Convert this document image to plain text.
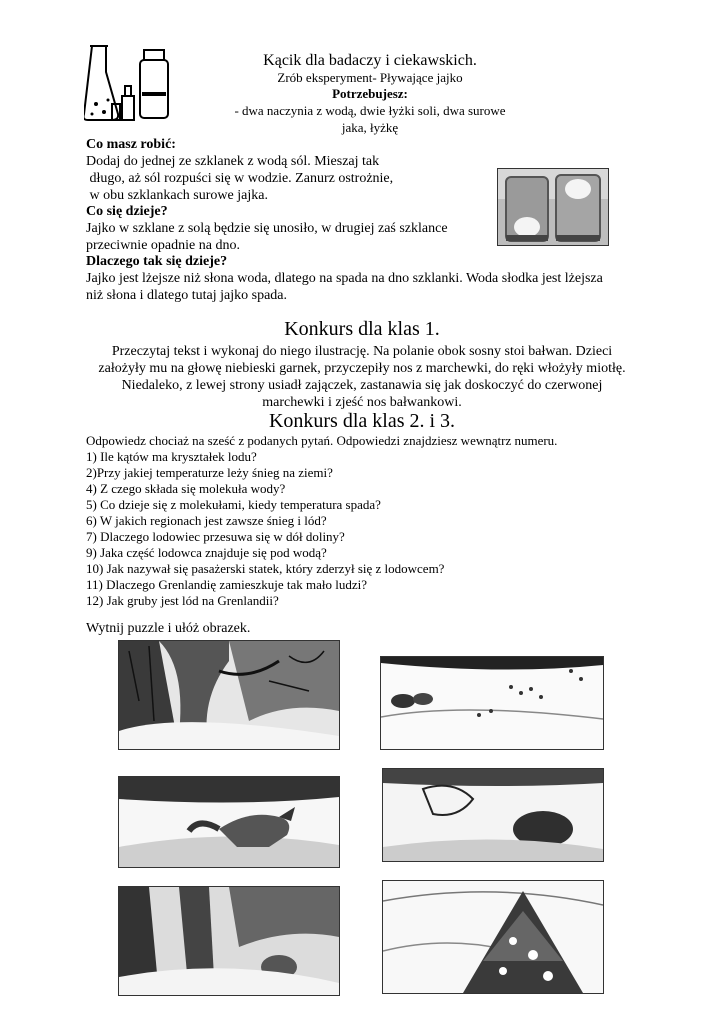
Kącik dla badaczy i ciekawskich.
Zrób eksperyment- Pływające jajko
Potrzebujesz:
- dwa naczynia z wodą, dwie łyżki soli, dwa surowe
jaka, łyżkę
Co masz robić:
Dodaj do jednej ze szklanek z wodą sól. Mieszaj tak
długo, aż sól rozpuści się w wodzie. Zanurz ostrożnie,
w obu szklankach surowe jajka.
Co się dzieje?
Jajko w szklane z solą będzie się unosiło, w drugiej zaś szklance
przeciwnie opadnie na dno.
Dlaczego tak się dzieje?
Jajko jest lżejsze niż słona woda, dlatego na spada na dno szklanki. Woda słodka jest lżejsza
niż słona i dlatego tutaj jajko spada.
Konkurs dla klas 1.
Przeczytaj tekst i wykonaj do niego ilustrację. Na polanie obok sosny stoi bałwan. Dzieci
założyły mu na głowę niebieski garnek, przyczepiły nos z marchewki, do ręki włożyły miotłę.
Niedaleko, z lewej strony usiadł zajączek, zastanawia się jak doskoczyć do czerwonej
marchewki i zjeść nos bałwankowi.
Konkurs dla klas 2. i 3.
Odpowiedz chociaż na sześć z podanych pytań. Odpowiedzi znajdziesz wewnątrz numeru.
1) Ile kątów ma kryształek lodu?
2)Przy jakiej temperaturze leży śnieg na ziemi?
4) Z czego składa się molekuła wody?
5) Co dzieje się z molekułami, kiedy temperatura spada?
6) W jakich regionach jest zawsze śnieg i lód?
7) Dlaczego lodowiec przesuwa się w dół doliny?
9) Jaka część lodowca znajduje się pod wodą?
10) Jak nazywał się pasażerski statek, który zderzył się z lodowcem?
11) Dlaczego Grenlandię zamieszkuje tak mało ludzi?
12) Jak gruby jest lód na Grenlandii?
Wytnij puzzle i ułóż obrazek.
